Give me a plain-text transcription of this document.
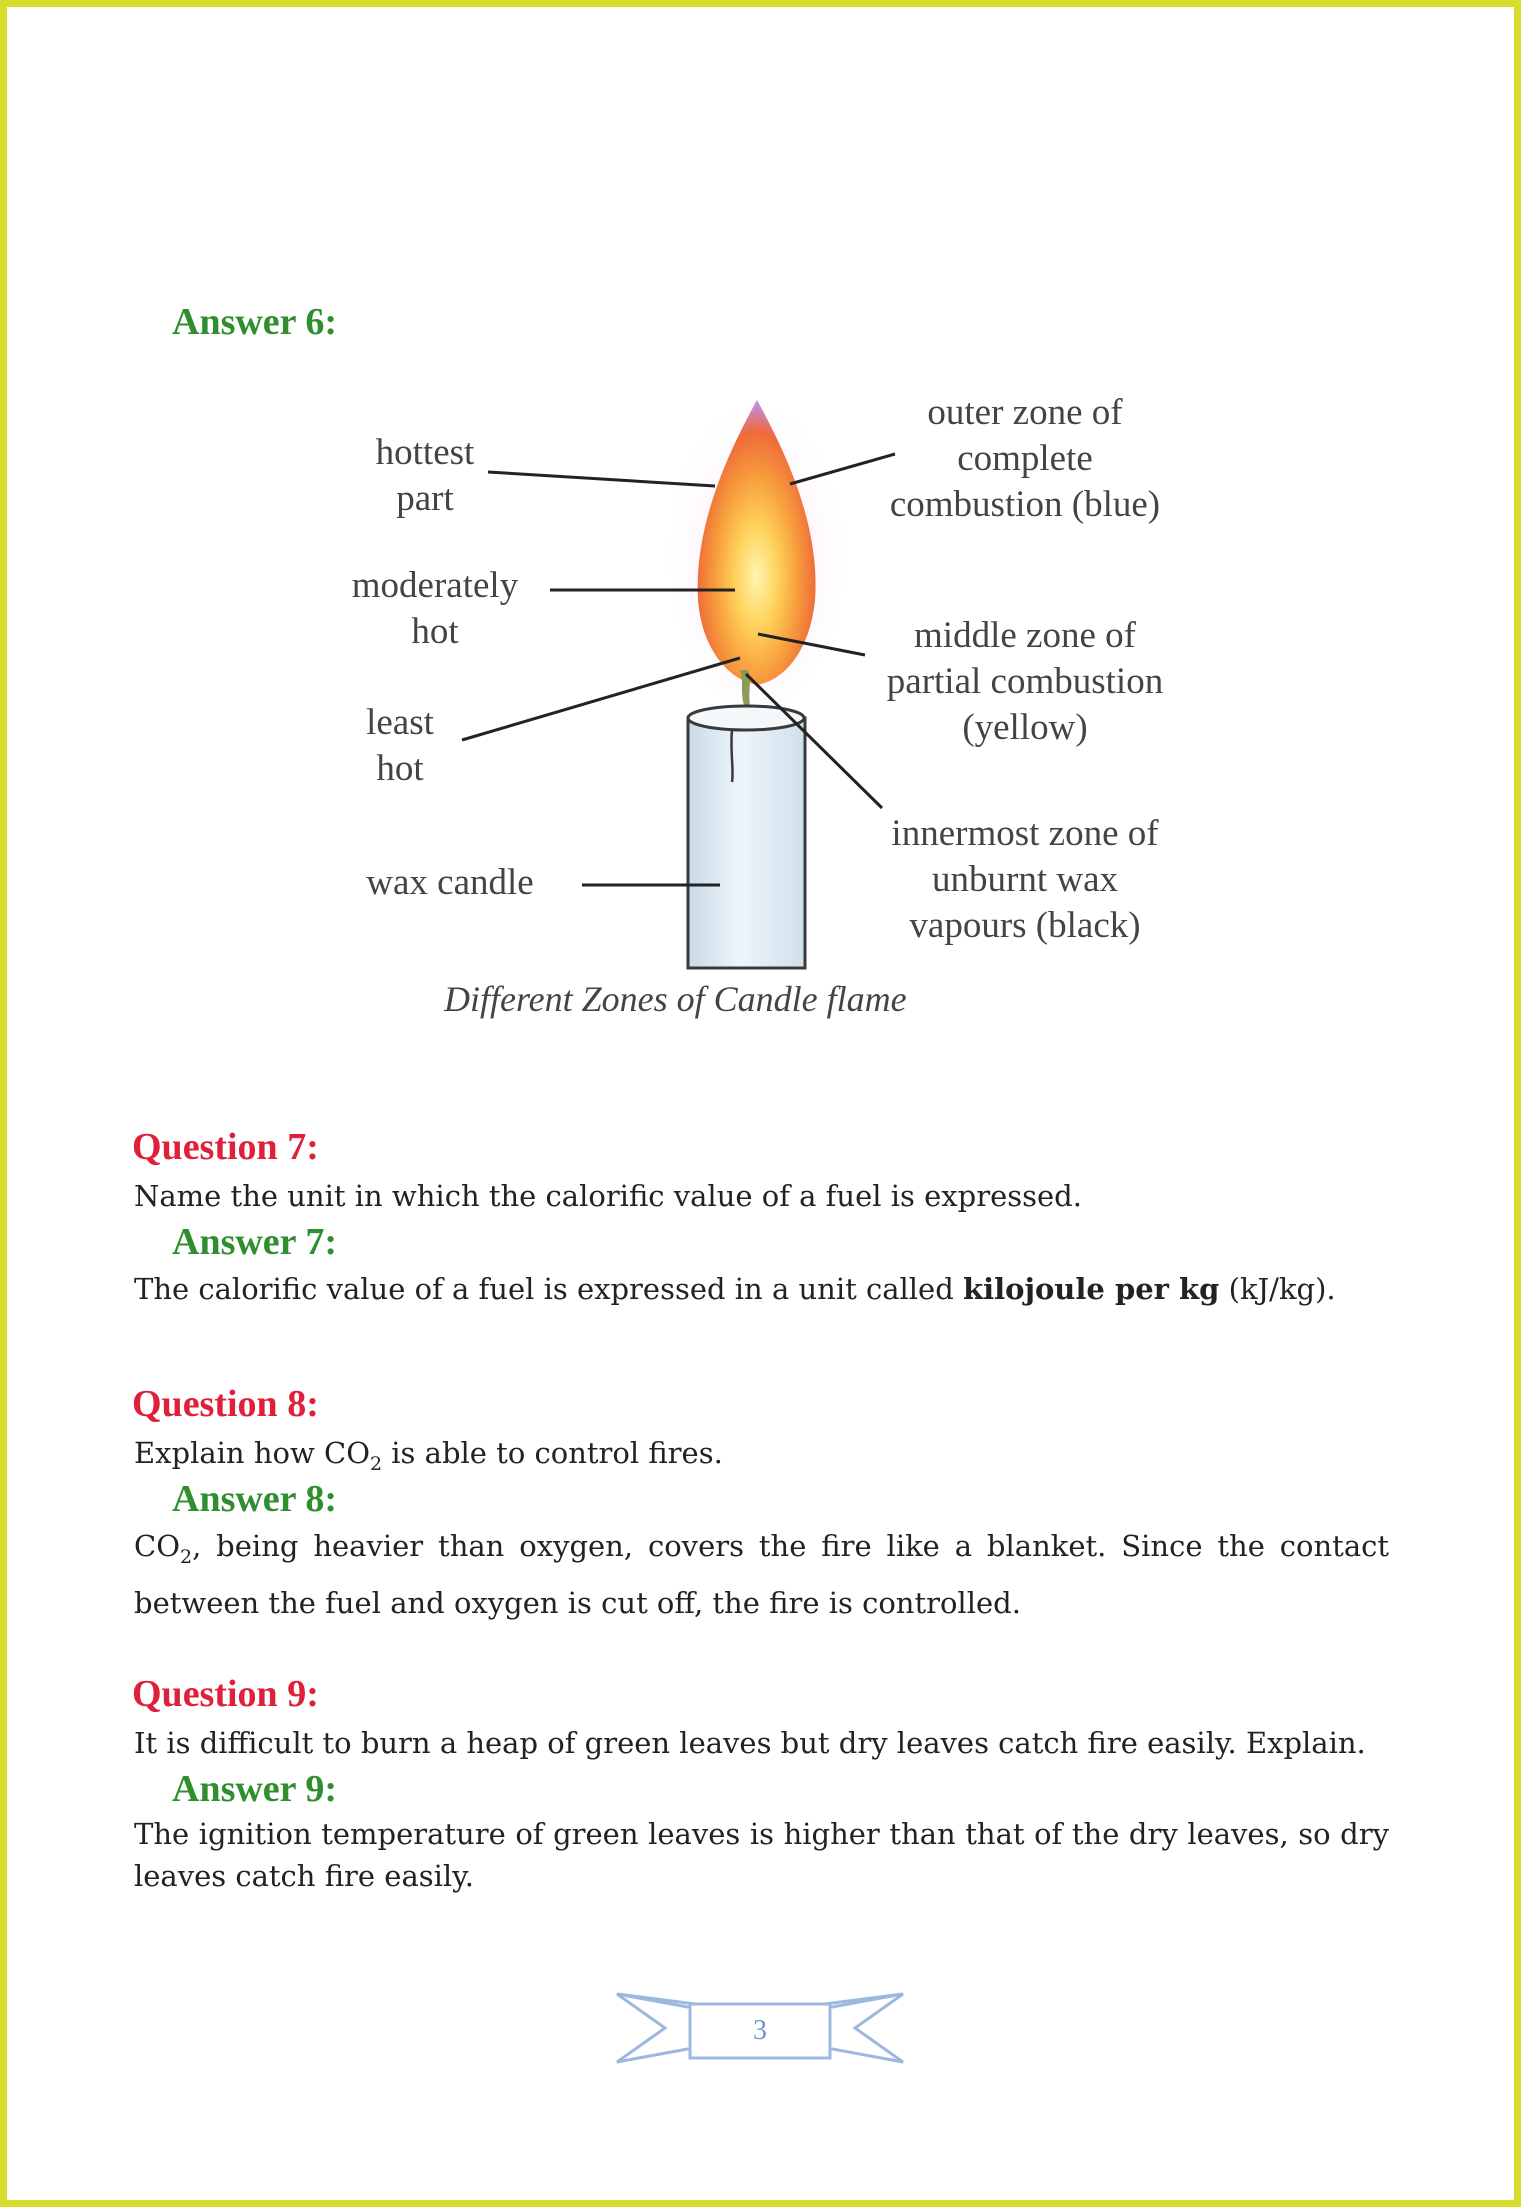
Answer 6:
hottest
part
moderately
hot
least
hot
wax candle
outer zone of
complete
combustion (blue)
middle zone of
partial combustion
(yellow)
innermost zone of
unburnt wax
vapours (black)
Different Zones of Candle flame
Question 7:
Name the unit in which the calorific value of a fuel is expressed.
Answer 7:
The calorific value of a fuel is expressed in a unit called kilojoule per kg (kJ/kg).
Question 8:
Explain how $CO_2$ is able to control fires.
Answer 8:
$CO_2$, being heavier than oxygen, covers the fire like a blanket. Since the contact between the fuel and oxygen is cut off, the fire is controlled.
Question 9:
It is difficult to burn a heap of green leaves but dry leaves catch fire easily. Explain.
Answer 9:
The ignition temperature of green leaves is higher than that of the dry leaves, so dry leaves catch fire easily.
3
